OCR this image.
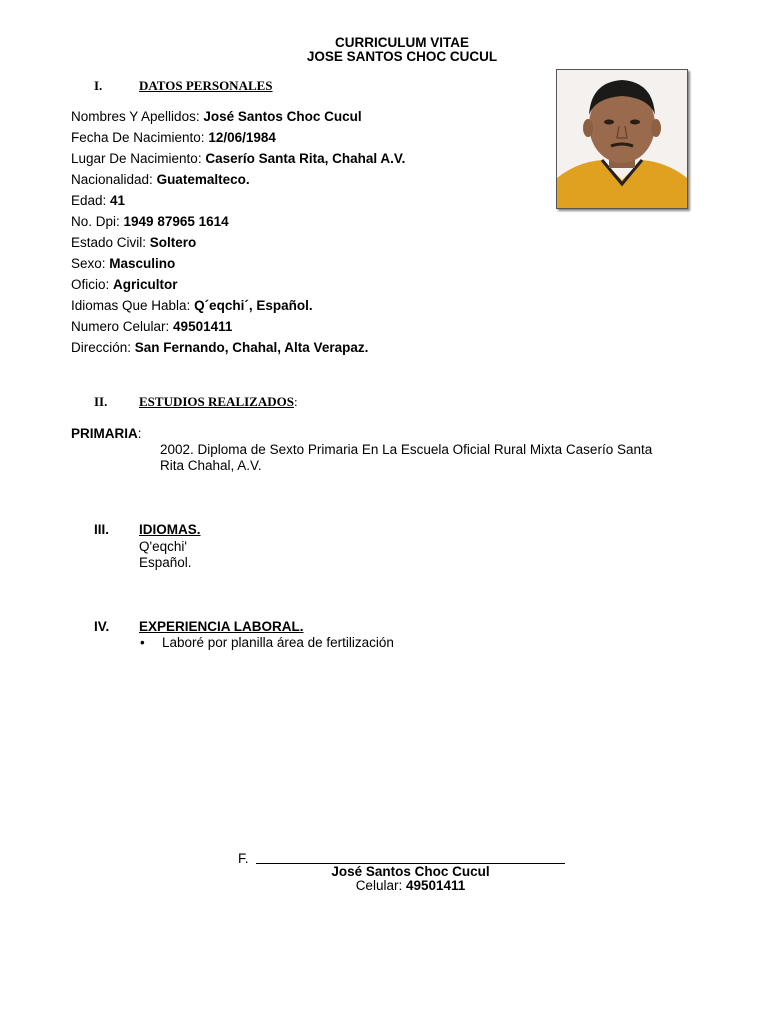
CURRICULUM VITAE
JOSE SANTOS CHOC CUCUL
I.	DATOS PERSONALES
Nombres Y Apellidos: José Santos Choc Cucul
Fecha De Nacimiento: 12/06/1984
Lugar De Nacimiento: Caserío Santa Rita, Chahal A.V.
Nacionalidad: Guatemalteco.
Edad: 41
No. Dpi: 1949 87965 1614
Estado Civil: Soltero
Sexo: Masculino
Oficio: Agricultor
Idiomas Que Habla: Q´eqchi´, Español.
Numero Celular: 49501411
Dirección: San Fernando, Chahal, Alta Verapaz.
II. ESTUDIOS REALIZADOS:
PRIMARIA:
2002. Diploma de Sexto Primaria En La Escuela Oficial Rural Mixta Caserío Santa
Rita Chahal, A.V.
III. IDIOMAS.
Q'eqchi'
Español.
IV. EXPERIENCIA LABORAL.
• Laboré por planilla área de fertilización
F.
José Santos Choc Cucul
Celular: 49501411
